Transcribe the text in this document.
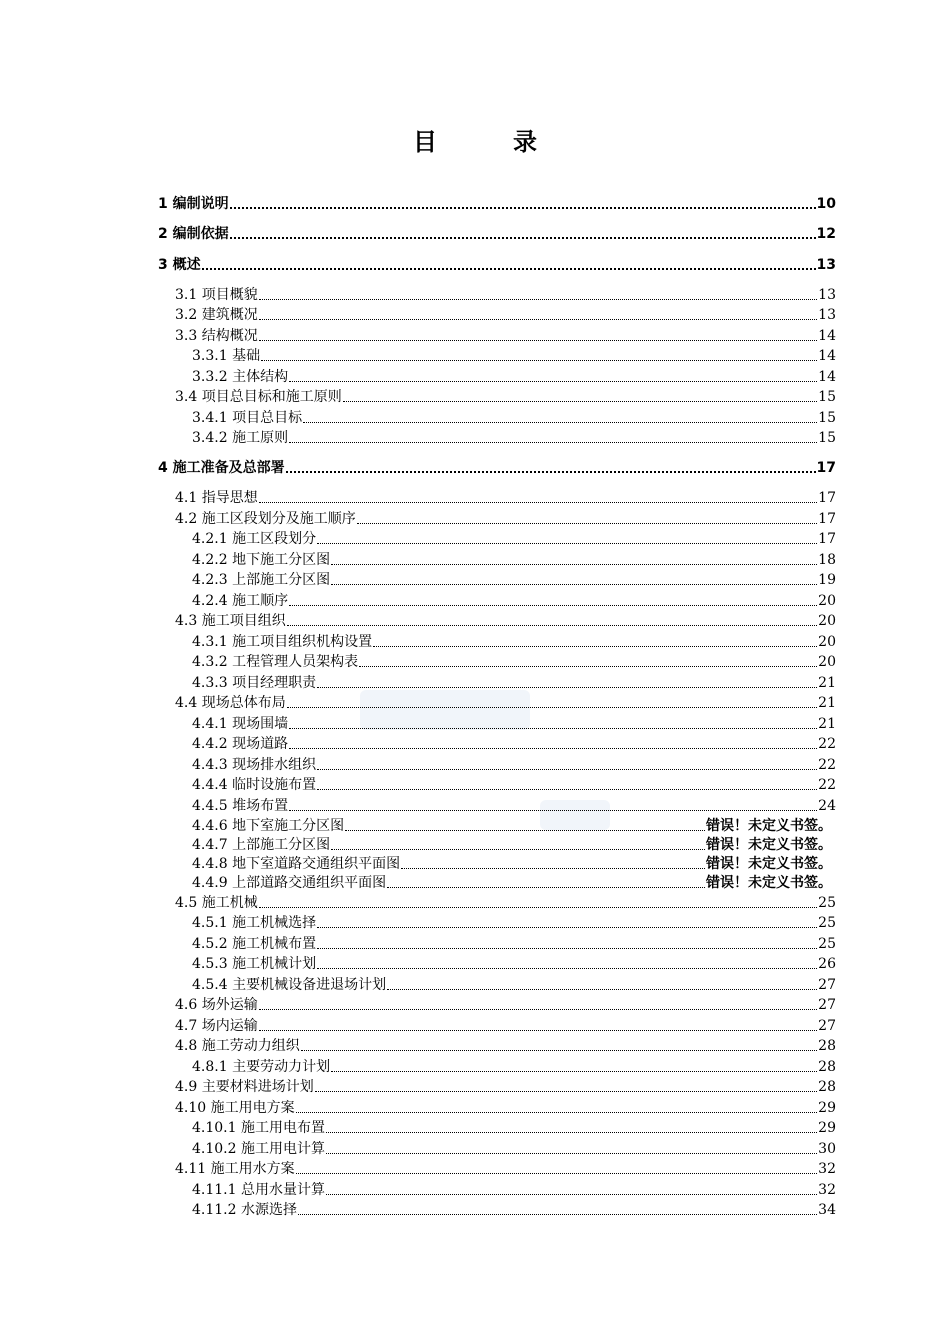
目	录
1 编制说明	10
2 编制依据	12
3 概述	13
3.1 项目概貌	13
3.2 建筑概况	13
3.3 结构概况	14
3.3.1 基础	14
3.3.2 主体结构	14
3.4 项目总目标和施工原则	15
3.4.1 项目总目标	15
3.4.2 施工原则	15
4 施工准备及总部署	17
4.1 指导思想	17
4.2 施工区段划分及施工顺序	17
4.2.1 施工区段划分	17
4.2.2 地下施工分区图	18
4.2.3 上部施工分区图	19
4.2.4 施工顺序	20
4.3 施工项目组织	20
4.3.1 施工项目组织机构设置	20
4.3.2 工程管理人员架构表	20
4.3.3 项目经理职责	21
4.4 现场总体布局	21
4.4.1 现场围墙	21
4.4.2 现场道路	22
4.4.3 现场排水组织	22
4.4.4 临时设施布置	22
4.4.5 堆场布置	24
4.4.6 地下室施工分区图	错误！未定义书签。
4.4.7 上部施工分区图	错误！未定义书签。
4.4.8 地下室道路交通组织平面图	错误！未定义书签。
4.4.9 上部道路交通组织平面图	错误！未定义书签。
4.5 施工机械	25
4.5.1 施工机械选择	25
4.5.2 施工机械布置	25
4.5.3 施工机械计划	26
4.5.4 主要机械设备进退场计划	27
4.6 场外运输	27
4.7 场内运输	27
4.8 施工劳动力组织	28
4.8.1 主要劳动力计划	28
4.9 主要材料进场计划	28
4.10 施工用电方案	29
4.10.1 施工用电布置	29
4.10.2 施工用电计算	30
4.11 施工用水方案	32
4.11.1 总用水量计算	32
4.11.2 水源选择	34
